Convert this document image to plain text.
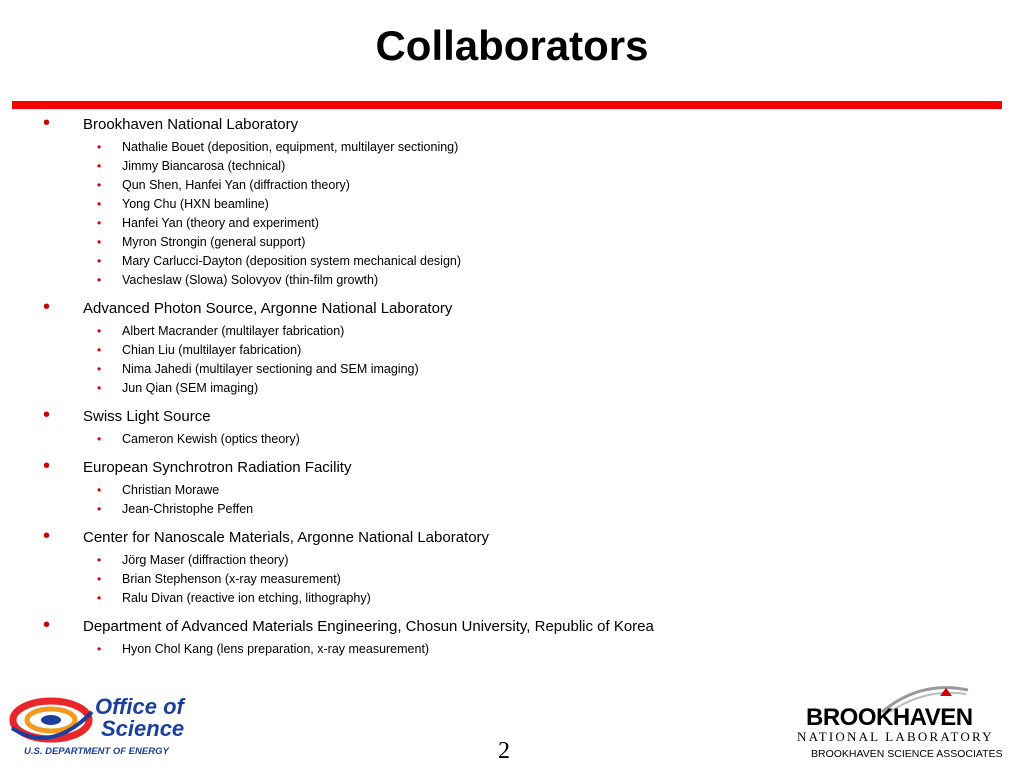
Collaborators
• Brookhaven National Laboratory
• Nathalie Bouet (deposition, equipment, multilayer sectioning)
• Jimmy Biancarosa (technical)
• Qun Shen, Hanfei Yan (diffraction theory)
• Yong Chu (HXN beamline)
• Hanfei Yan (theory and experiment)
• Myron Strongin (general support)
• Mary Carlucci-Dayton (deposition system mechanical design)
• Vacheslaw (Slowa) Solovyov (thin-film growth)
• Advanced Photon Source, Argonne National Laboratory
• Albert Macrander (multilayer fabrication)
• Chian Liu (multilayer fabrication)
• Nima Jahedi (multilayer sectioning and SEM imaging)
• Jun Qian (SEM imaging)
• Swiss Light Source
• Cameron Kewish (optics theory)
• European Synchrotron Radiation Facility
• Christian Morawe
• Jean-Christophe Peffen
• Center for Nanoscale Materials, Argonne National Laboratory
• Jörg Maser (diffraction theory)
• Brian Stephenson (x-ray measurement)
• Ralu Divan (reactive ion etching, lithography)
• Department of Advanced Materials Engineering, Chosun University, Republic of Korea
• Hyon Chol Kang (lens preparation, x-ray measurement)
Office of
Science
U.S. DEPARTMENT OF ENERGY	2
BROOKHAVEN
NATIONAL LABORATORY
BROOKHAVEN SCIENCE ASSOCIATES
